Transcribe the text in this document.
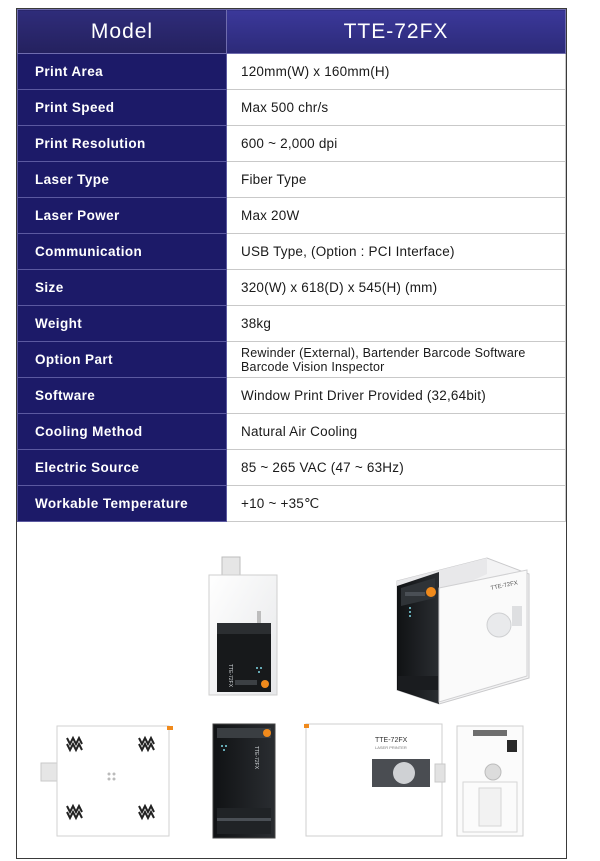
Model	TTE-72FX
Print Area	120mm(W) x 160mm(H)
Print Speed	Max 500 chr/s
Print Resolution	600 ~ 2,000 dpi
Laser Type	Fiber Type
Laser Power	Max 20W
Communication	USB Type, (Option : PCI Interface)
Size	320(W) x 618(D) x 545(H) (mm)
Weight	38kg
Option Part	Rewinder (External), Bartender Barcode Software
Barcode Vision Inspector

Software	Window Print Driver Provided (32,64bit)
Cooling Method	Natural Air Cooling
Electric Source	85 ~ 265 VAC (47 ~ 63Hz)
Workable Temperature	+10 ~ +35℃
TTE-72FX
TTE-72FX
TTE-72FX
TTE-72FX
LASER PRINTER
